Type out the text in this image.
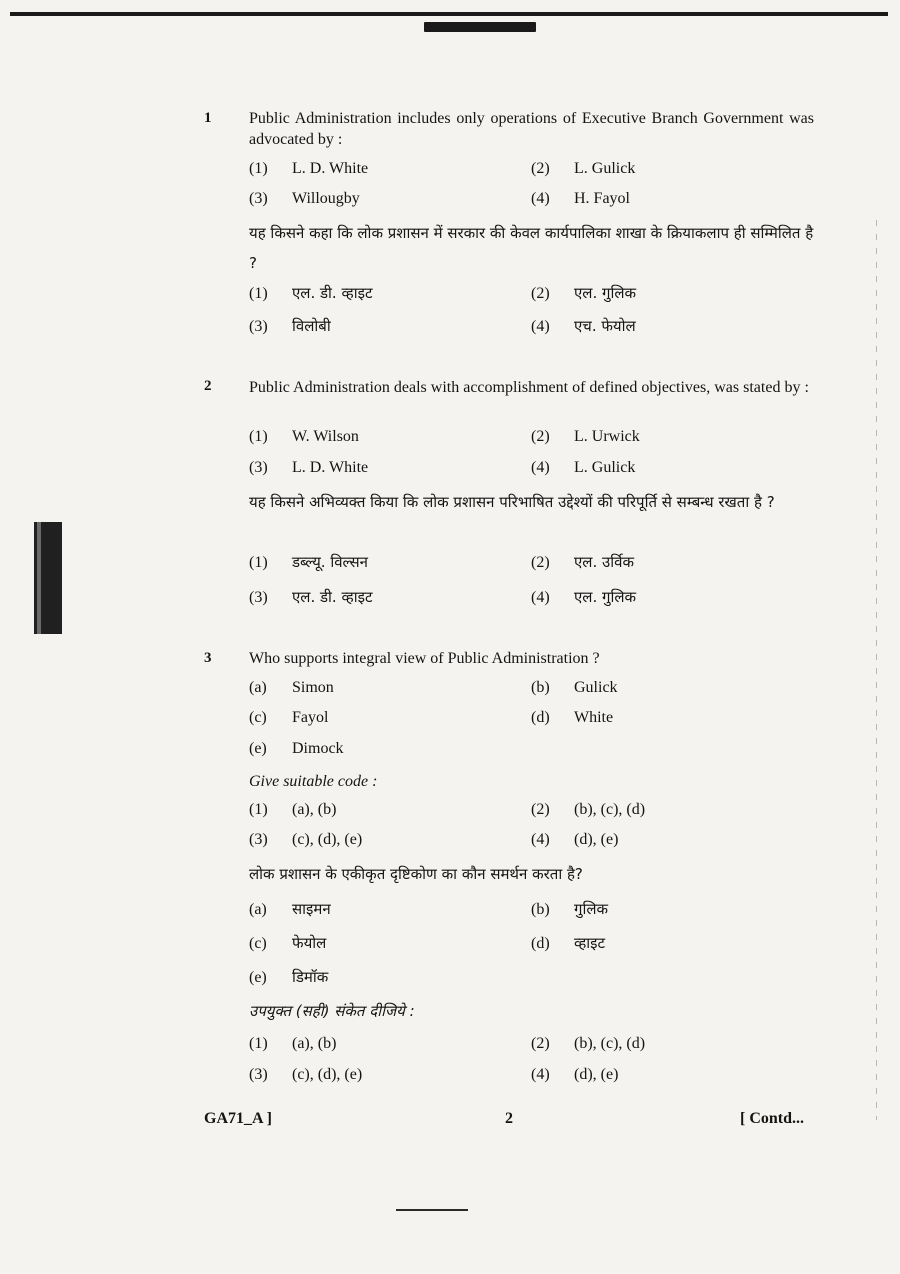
1 Public Administration includes only operations of Executive Branch Government was advocated by :
(1) L. D. White	(2) L. Gulick
(3) Willougby	(4) H. Fayol
यह किसने कहा कि लोक प्रशासन में सरकार की केवल कार्यपालिका शाखा के क्रियाकलाप ही सम्मिलित है ?
(1) एल. डी. व्हाइट	(2) एल. गुलिक
(3) विलोबी	(4) एच. फेयोल
2 Public Administration deals with accomplishment of defined objectives, was stated by :
(1) W. Wilson	(2) L. Urwick
(3) L. D. White	(4) L. Gulick
यह किसने अभिव्यक्त किया कि लोक प्रशासन परिभाषित उद्देश्यों की परिपूर्ति से सम्बन्ध रखता है ?
(1) डब्ल्यू. विल्सन	(2) एल. उर्विक
(3) एल. डी. व्हाइट	(4) एल. गुलिक
3 Who supports integral view of Public Administration ?
(a) Simon	(b) Gulick
(c) Fayol	(d) White
(e) Dimock
Give suitable code :
(1) (a), (b)	(2) (b), (c), (d)
(3) (c), (d), (e)	(4) (d), (e)
लोक प्रशासन के एकीकृत दृष्टिकोण का कौन समर्थन करता है?
(a) साइमन	(b) गुलिक
(c) फेयोल	(d) व्हाइट
(e) डिमॉक
उपयुक्त (सही) संकेत दीजिये :
(1) (a), (b)	(2) (b), (c), (d)
(3) (c), (d), (e)	(4) (d), (e)
GA71_A ]	2	[ Contd...
